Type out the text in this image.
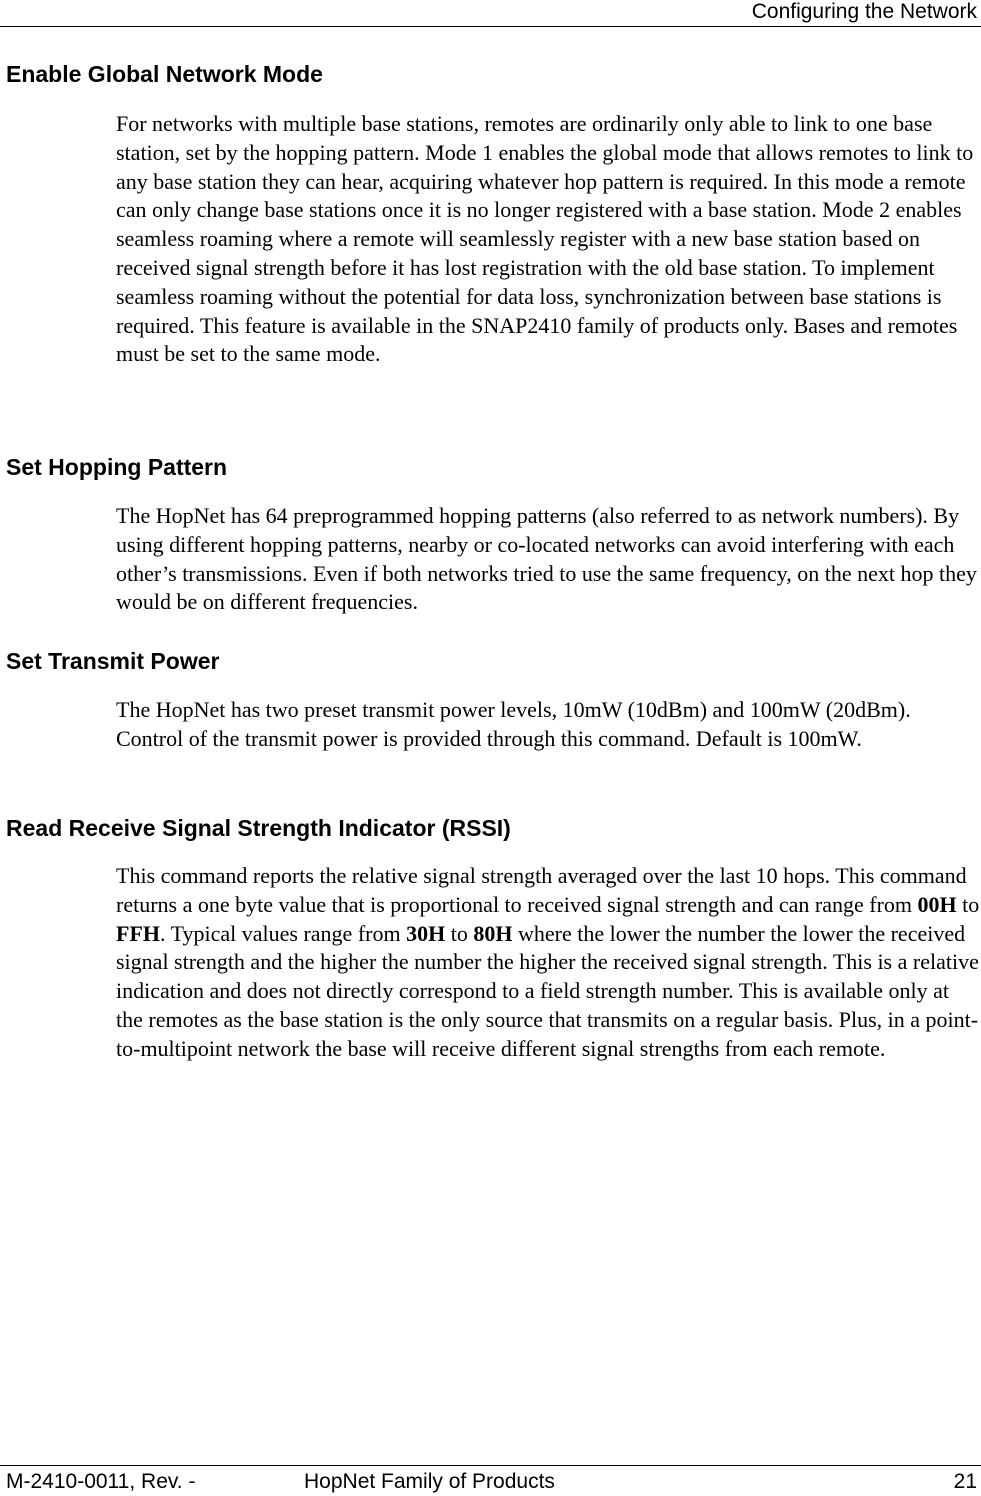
Configuring the Network
Enable Global Network Mode

For networks with multiple base stations, remotes are ordinarily only able to link to one base station, set by the hopping pattern. Mode 1 enables the global mode that allows remotes to link to any base station they can hear, acquiring whatever hop pattern is required. In this mode a remote can only change base stations once it is no longer registered with a base station. Mode 2 enables seamless roaming where a remote will seamlessly register with a new base station based on received signal strength before it has lost registration with the old base station. To implement seamless roaming without the potential for data loss, synchronization between base stations is required. This feature is available in the SNAP2410 family of products only. Bases and remotes must be set to the same mode.

Set Hopping Pattern

The HopNet has 64 preprogrammed hopping patterns (also referred to as network numbers). By using different hopping patterns, nearby or co-located networks can avoid interfering with each other’s transmissions. Even if both networks tried to use the same frequency, on the next hop they would be on different frequencies.

Set Transmit Power

The HopNet has two preset transmit power levels, 10mW (10dBm) and 100mW (20dBm). Control of the transmit power is provided through this command. Default is 100mW.

Read Receive Signal Strength Indicator (RSSI)

This command reports the relative signal strength averaged over the last 10 hops. This command returns a one byte value that is proportional to received signal strength and can range from 00H to FFH. Typical values range from 30H to 80H where the lower the number the lower the received signal strength and the higher the number the higher the received signal strength. This is a relative indication and does not directly correspond to a field strength number. This is available only at the remotes as the base station is the only source that transmits on a regular basis. Plus, in a point-to-multipoint network the base will receive different signal strengths from each remote.

M-2410-0011, Rev. -	HopNet Family of Products	21
